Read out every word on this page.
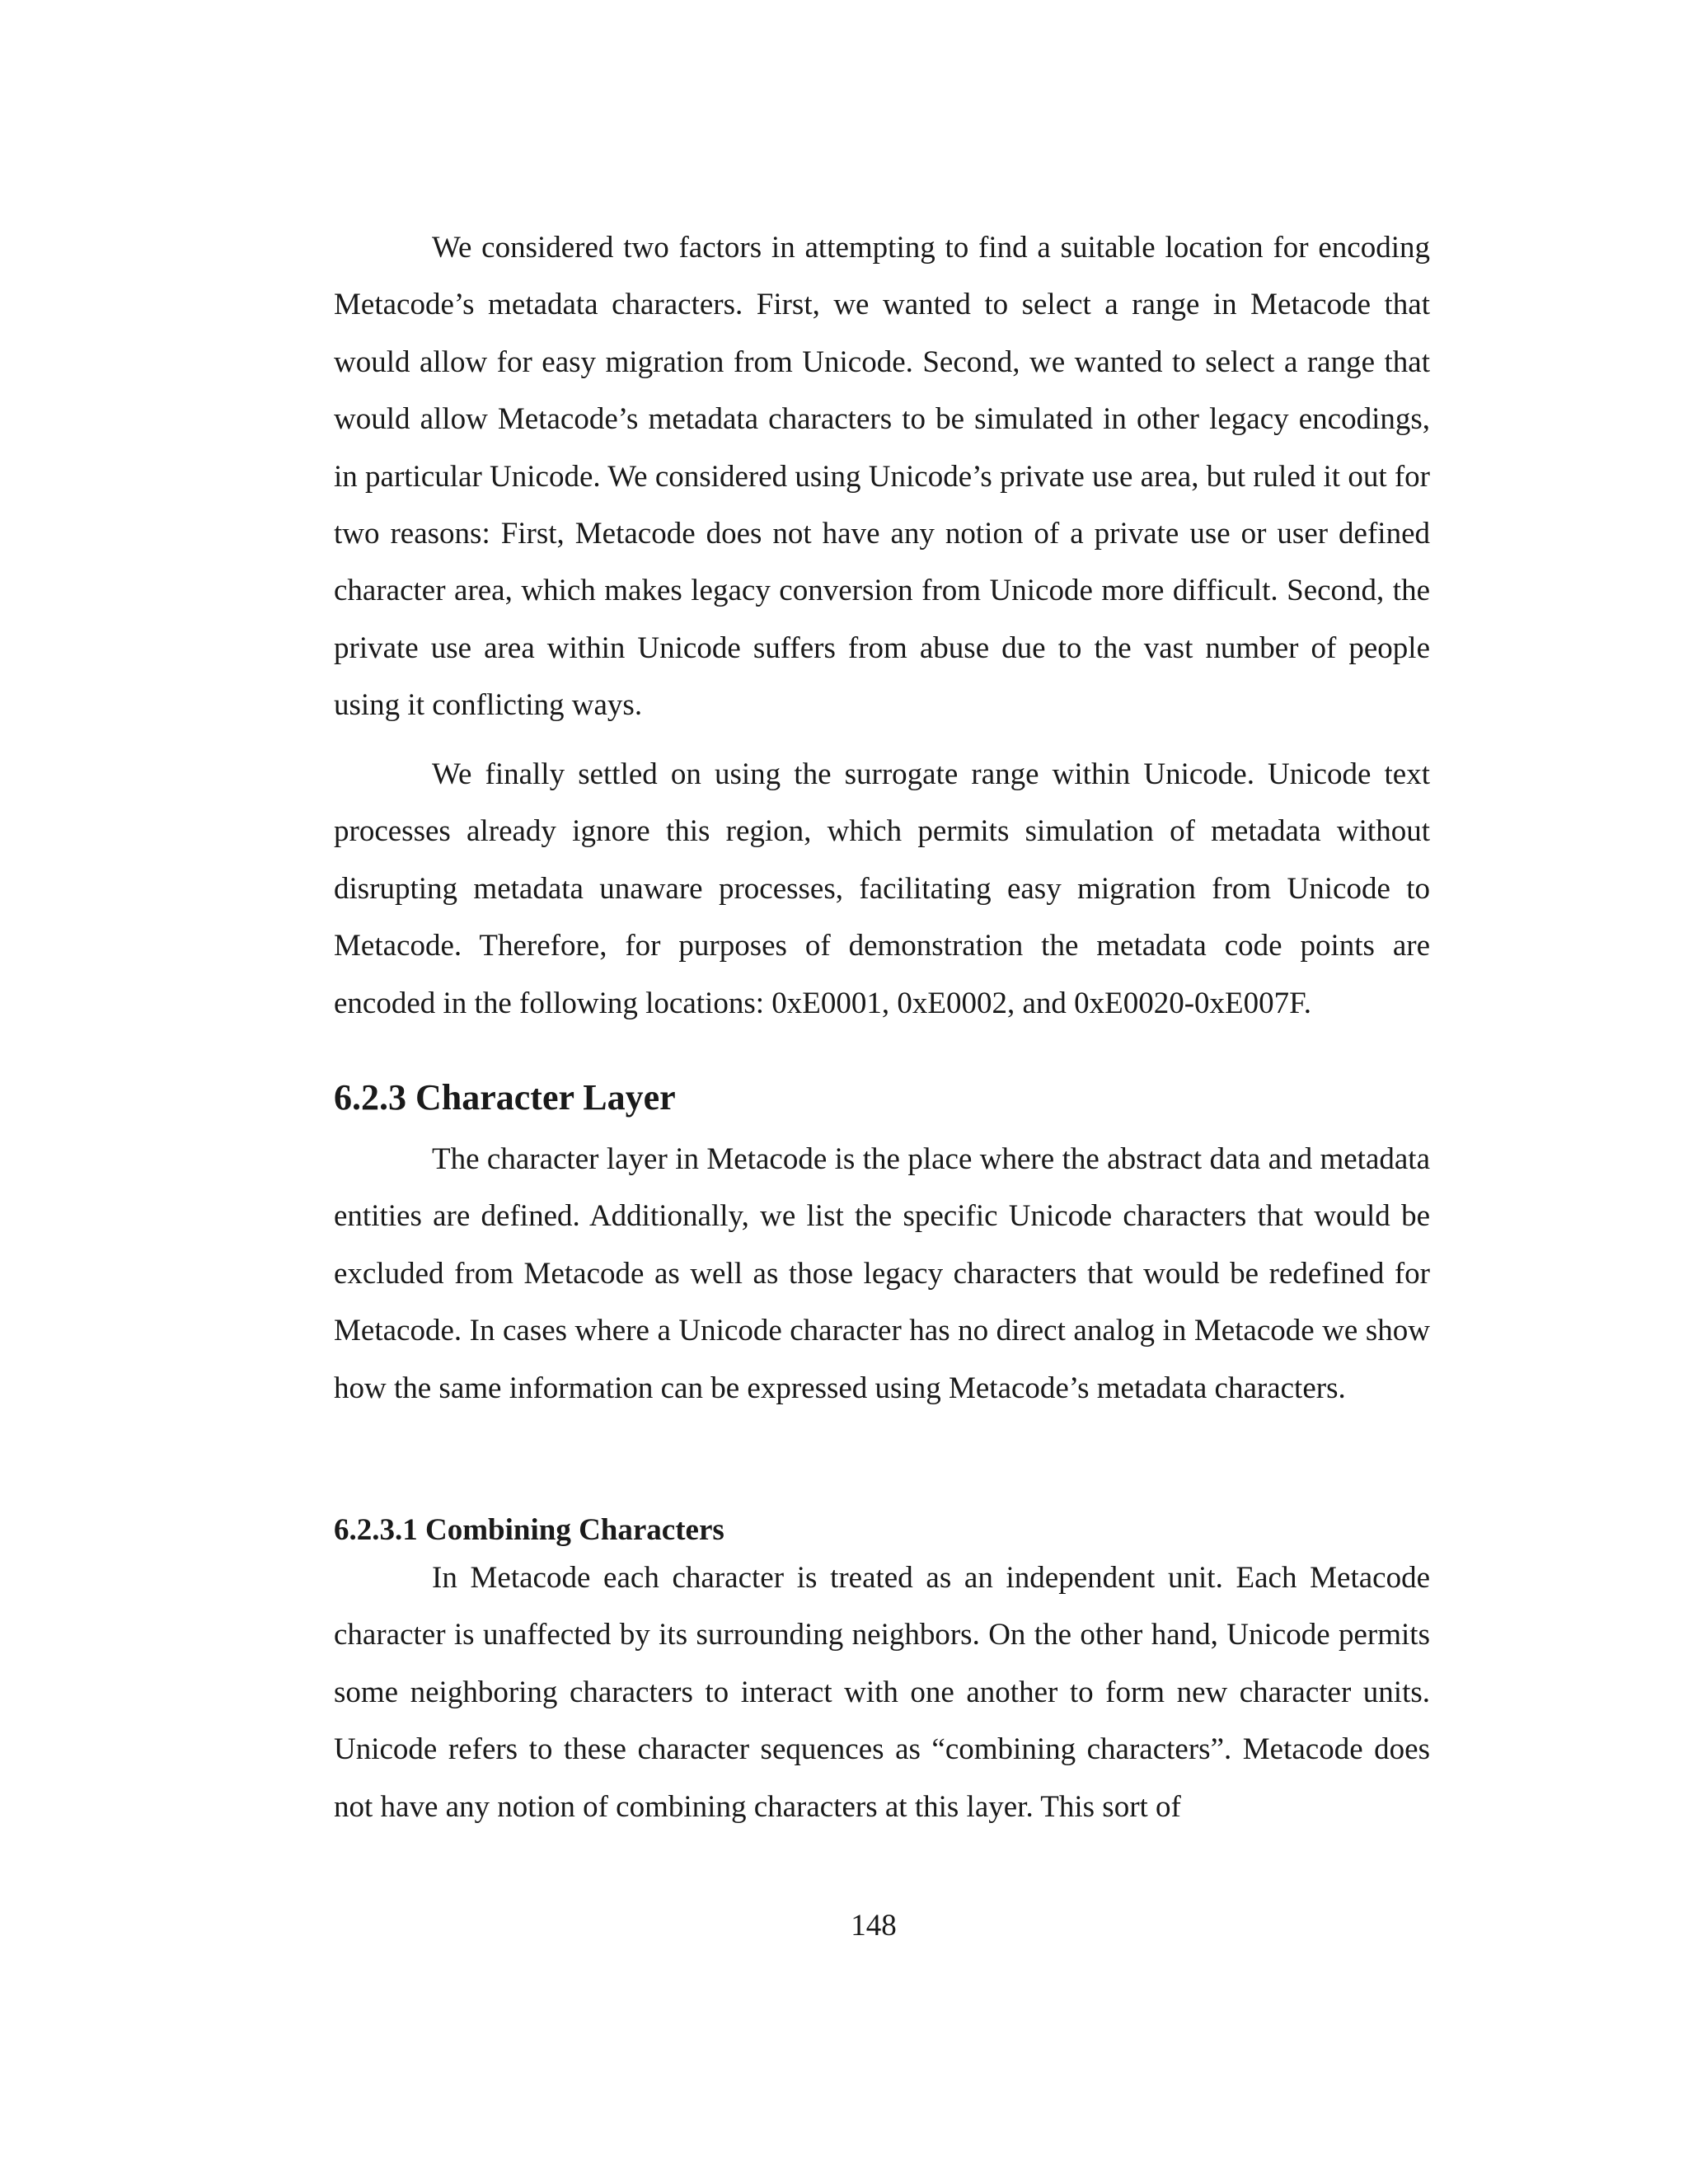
We considered two factors in attempting to find a suitable location for encoding Metacode’s metadata characters. First, we wanted to select a range in Metacode that would allow for easy migration from Unicode. Second, we wanted to select a range that would allow Metacode’s metadata characters to be simulated in other legacy encodings, in particular Unicode. We considered using Unicode’s private use area, but ruled it out for two reasons: First, Metacode does not have any notion of a private use or user defined character area, which makes legacy conversion from Unicode more difficult. Second, the private use area within Unicode suffers from abuse due to the vast number of people using it conflicting ways.

We finally settled on using the surrogate range within Unicode. Unicode text processes already ignore this region, which permits simulation of metadata without disrupting metadata unaware processes, facilitating easy migration from Unicode to Metacode. Therefore, for purposes of demonstration the metadata code points are encoded in the following locations: 0xE0001, 0xE0002, and 0xE0020-0xE007F.

6.2.3 Character Layer

The character layer in Metacode is the place where the abstract data and metadata entities are defined. Additionally, we list the specific Unicode characters that would be excluded from Metacode as well as those legacy characters that would be redefined for Metacode. In cases where a Unicode character has no direct analog in Metacode we show how the same information can be expressed using Metacode’s metadata characters.

6.2.3.1 Combining Characters

In Metacode each character is treated as an independent unit. Each Metacode character is unaffected by its surrounding neighbors. On the other hand, Unicode permits some neighboring characters to interact with one another to form new character units. Unicode refers to these character sequences as “combining characters”. Metacode does not have any notion of combining characters at this layer. This sort of

148
